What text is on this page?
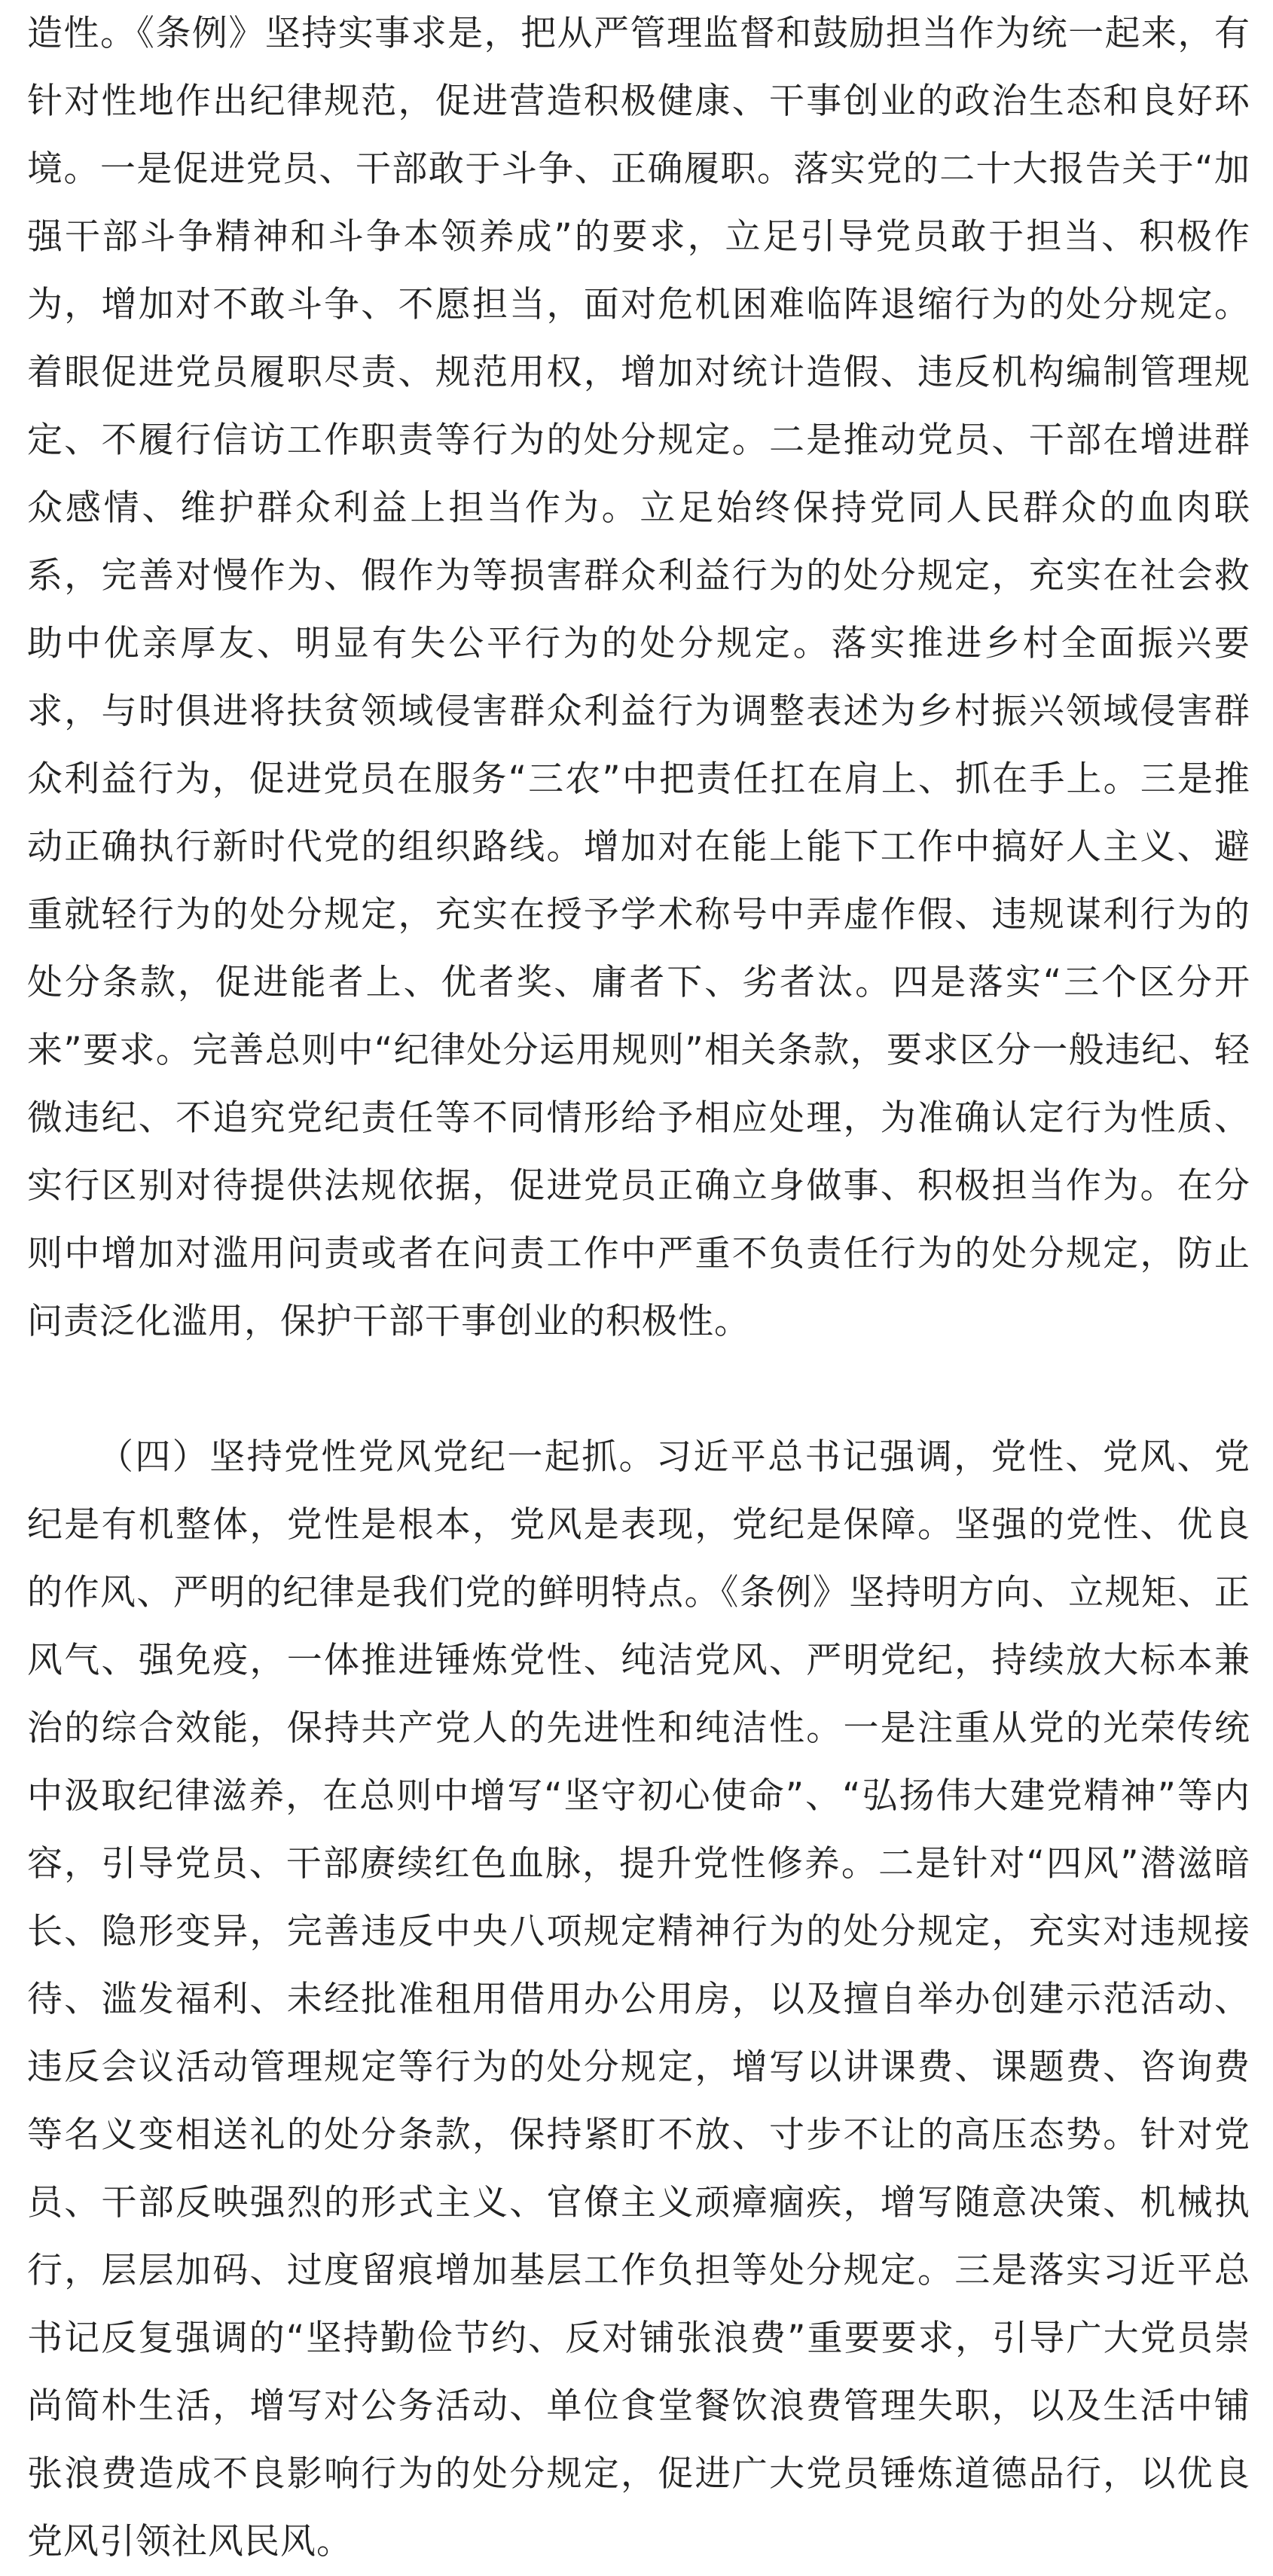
造性。《条例》坚持实事求是，把从严管理监督和鼓励担当作为统一起来，有针对性地作出纪律规范，促进营造积极健康、干事创业的政治生态和良好环境。一是促进党员、干部敢于斗争、正确履职。落实党的二十大报告关于“加强干部斗争精神和斗争本领养成”的要求，立足引导党员敢于担当、积极作为，增加对不敢斗争、不愿担当，面对危机困难临阵退缩行为的处分规定。着眼促进党员履职尽责、规范用权，增加对统计造假、违反机构编制管理规定、不履行信访工作职责等行为的处分规定。二是推动党员、干部在增进群众感情、维护群众利益上担当作为。立足始终保持党同人民群众的血肉联系，完善对慢作为、假作为等损害群众利益行为的处分规定，充实在社会救助中优亲厚友、明显有失公平行为的处分规定。落实推进乡村全面振兴要求，与时俱进将扶贫领域侵害群众利益行为调整表述为乡村振兴领域侵害群众利益行为，促进党员在服务“三农”中把责任扛在肩上、抓在手上。三是推动正确执行新时代党的组织路线。增加对在能上能下工作中搞好人主义、避重就轻行为的处分规定，充实在授予学术称号中弄虚作假、违规谋利行为的处分条款，促进能者上、优者奖、庸者下、劣者汰。四是落实“三个区分开来”要求。完善总则中“纪律处分运用规则”相关条款，要求区分一般违纪、轻微违纪、不追究党纪责任等不同情形给予相应处理，为准确认定行为性质、实行区别对待提供法规依据，促进党员正确立身做事、积极担当作为。在分则中增加对滥用问责或者在问责工作中严重不负责任行为的处分规定，防止问责泛化滥用，保护干部干事创业的积极性。

（四）坚持党性党风党纪一起抓。习近平总书记强调，党性、党风、党纪是有机整体，党性是根本，党风是表现，党纪是保障。坚强的党性、优良的作风、严明的纪律是我们党的鲜明特点。《条例》坚持明方向、立规矩、正风气、强免疫，一体推进锤炼党性、纯洁党风、严明党纪，持续放大标本兼治的综合效能，保持共产党人的先进性和纯洁性。一是注重从党的光荣传统中汲取纪律滋养，在总则中增写“坚守初心使命”、“弘扬伟大建党精神”等内容，引导党员、干部赓续红色血脉，提升党性修养。二是针对“四风”潜滋暗长、隐形变异，完善违反中央八项规定精神行为的处分规定，充实对违规接待、滥发福利、未经批准租用借用办公用房，以及擅自举办创建示范活动、违反会议活动管理规定等行为的处分规定，增写以讲课费、课题费、咨询费等名义变相送礼的处分条款，保持紧盯不放、寸步不让的高压态势。针对党员、干部反映强烈的形式主义、官僚主义顽瘴痼疾，增写随意决策、机械执行，层层加码、过度留痕增加基层工作负担等处分规定。三是落实习近平总书记反复强调的“坚持勤俭节约、反对铺张浪费”重要要求，引导广大党员崇尚简朴生活，增写对公务活动、单位食堂餐饮浪费管理失职，以及生活中铺张浪费造成不良影响行为的处分规定，促进广大党员锤炼道德品行，以优良党风引领社风民风。
